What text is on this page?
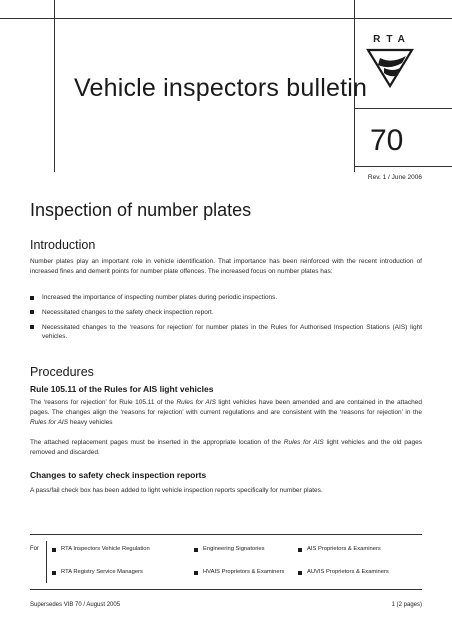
RTA
Vehicle inspectors bulletin
70
Rev. 1 / June 2006
Inspection of number plates
Introduction

Number plates play an important role in vehicle identification. That importance has been reinforced with the recent introduction of increased fines and demerit points for number plate offences. The increased focus on number plates has:

Increased the importance of inspecting number plates during periodic inspections.
Necessitated changes to the safety check inspection report.
Necessitated changes to the ‘reasons for rejection’ for number plates in the Rules for Authorised Inspection Stations (AIS) light vehicles.
Procedures
Rule 105.11 of the Rules for AIS light vehicles

The ‘reasons for rejection’ for Rule 105.11 of the Rules for AIS light vehicles have been amended and are contained in the attached pages. The changes align the ‘reasons for rejection’ with current regulations and are consistent with the ‘reasons for rejection’ in the Rules for AIS heavy vehicles

The attached replacement pages must be inserted in the appropriate location of the Rules for AIS light vehicles and the old pages removed and discarded.

Changes to safety check inspection reports

A pass/fail check box has been added to light vehicle inspection reports specifically for number plates.

For	RTA Inspectors Vehicle Regulation	Engineering Signatories	AIS Proprietors & Examiners
RTA Registry Service Managers	HVAIS Proprietors & Examiners	AUVIS Proprietors & Examiners
Supersedes VIB 70 / August 2005	1 (2 pages)
